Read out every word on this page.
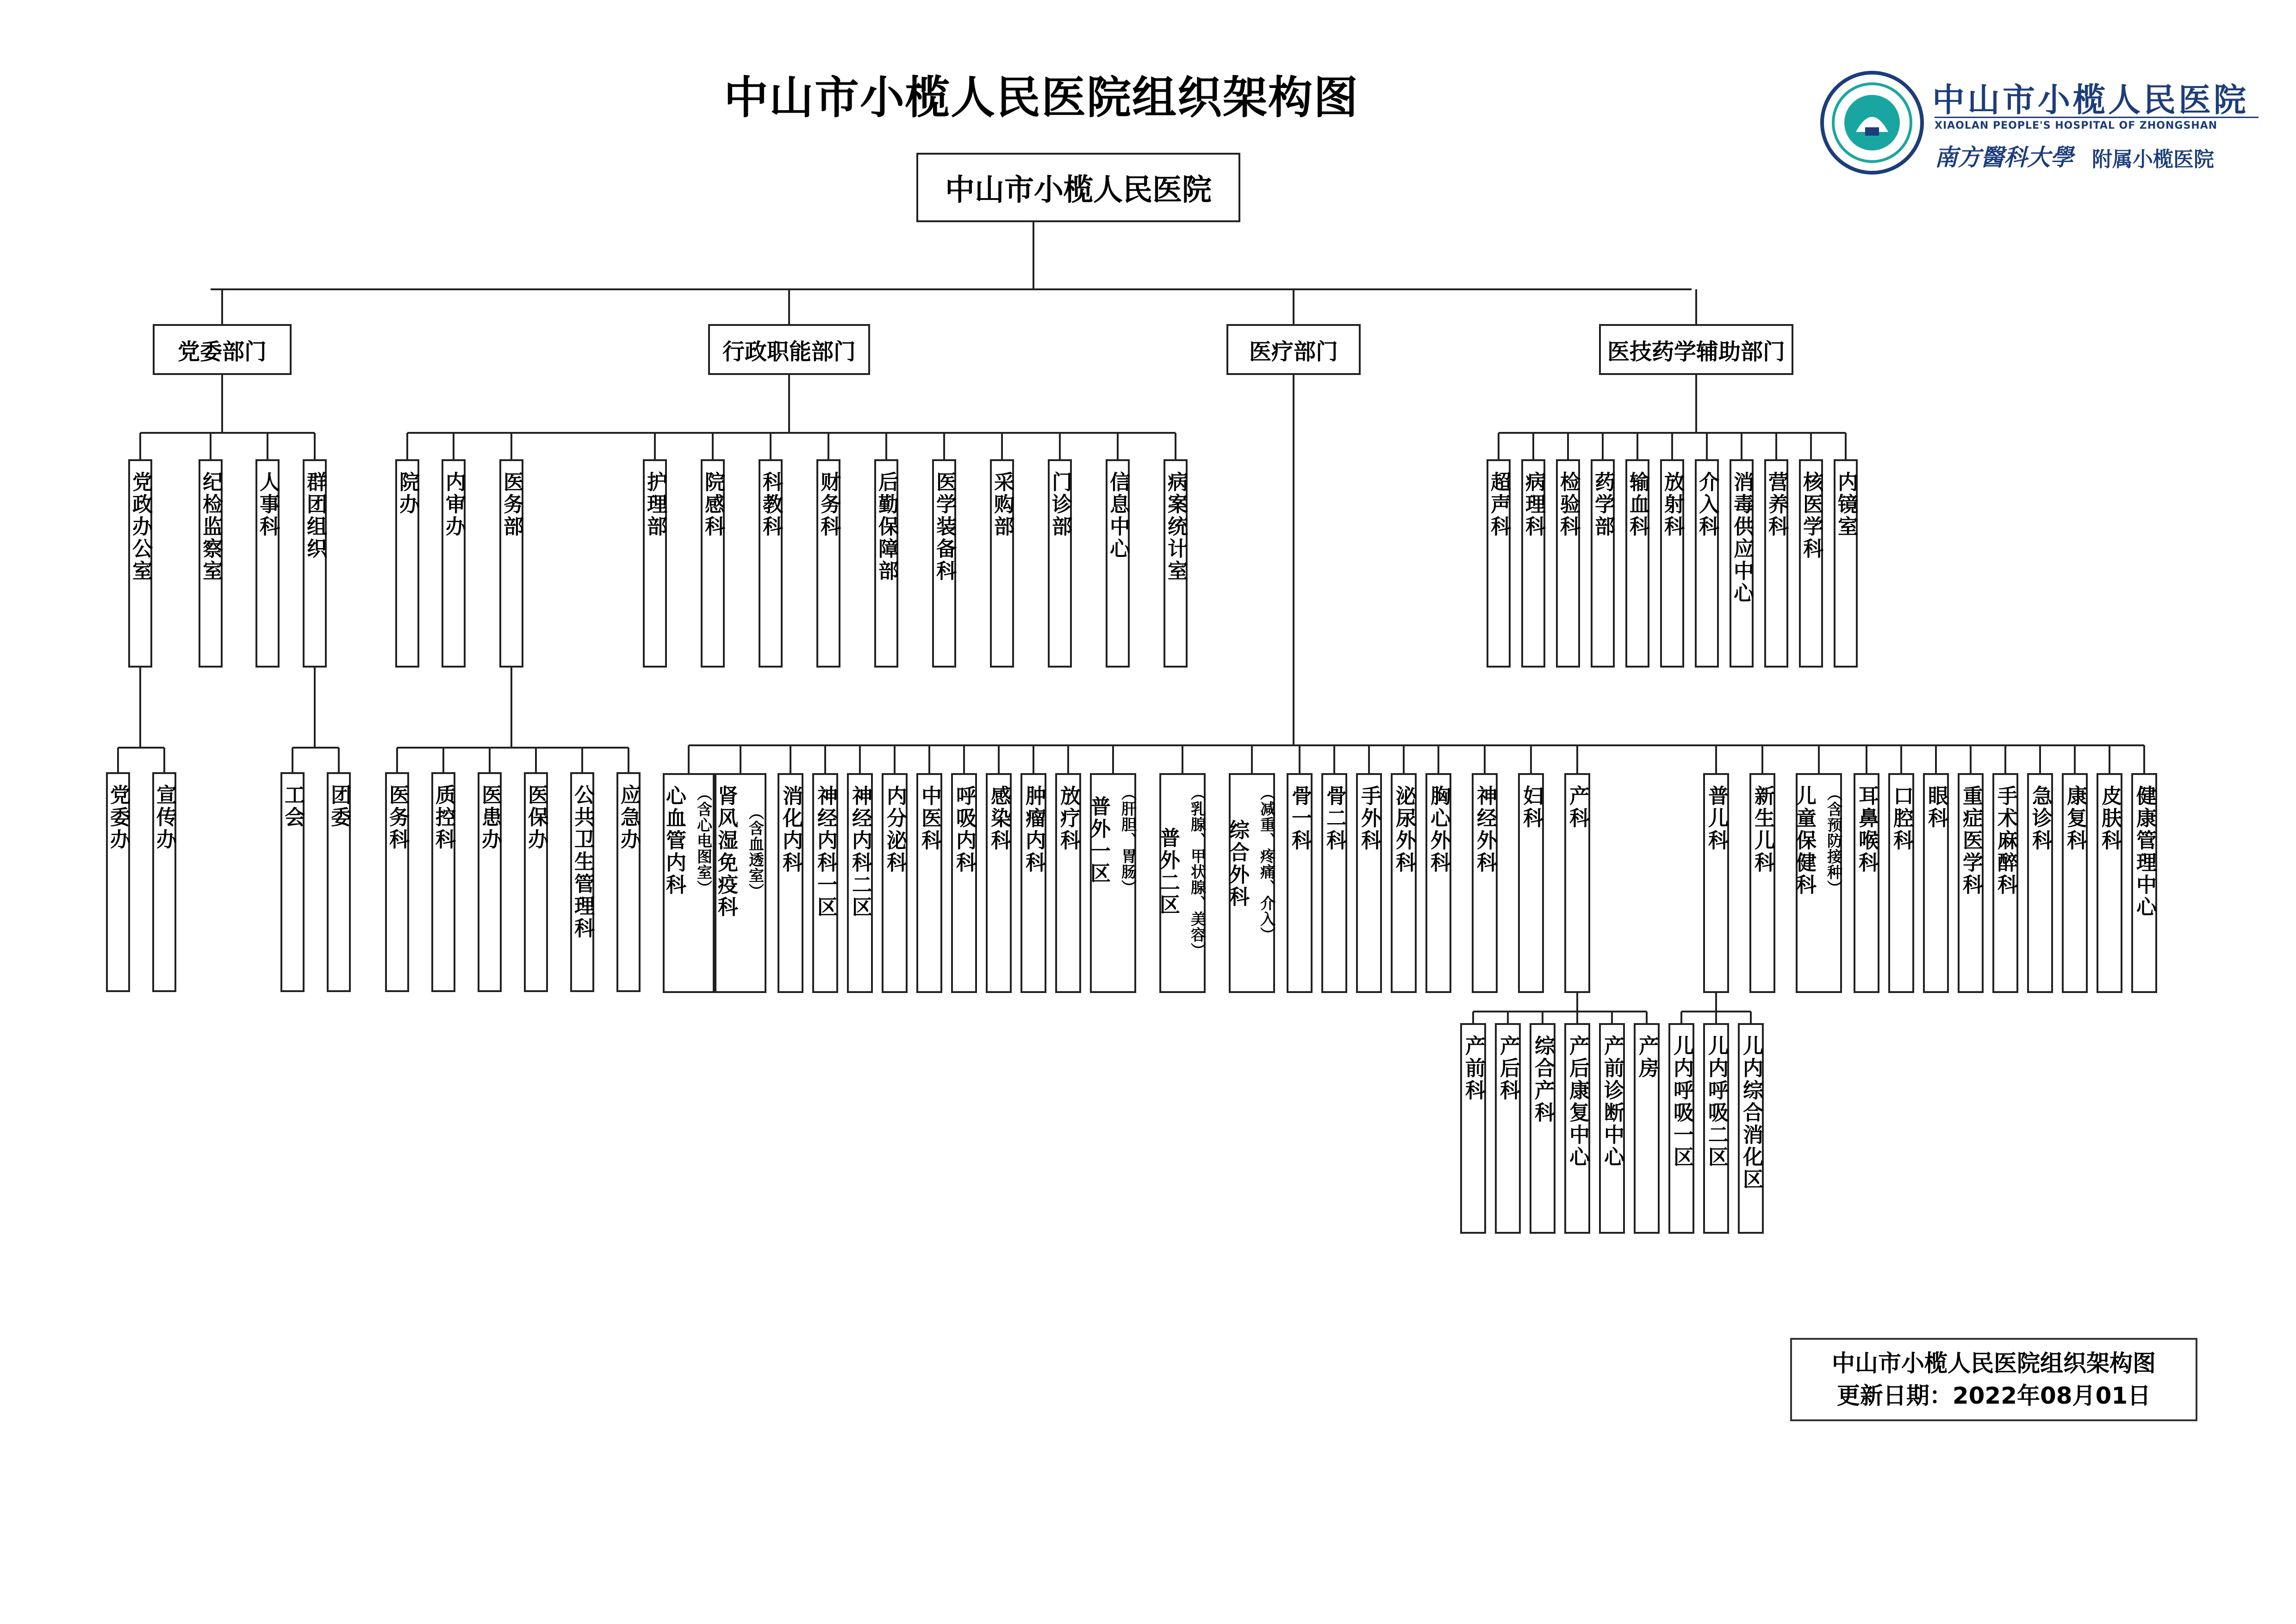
中山市小榄人民医院组织架构图	中山市小榄人民医院
XIAOLAN PEOPLE'S HOSPITAL OF ZHONGSHAN
南方醫科大學 附属小榄医院
中山市小榄人民医院
党委部门	行政职能部门	医疗部门	医技药学辅助部门
党政办公室 纪检监察室 人事科 群团组织
党委办 宣传办	工会 团委
院办 内审办 医务部	护理部 院感科 科教科 财务科 后勤保障部 医学装备科 采购部 门诊部 信息中心 病案统计室
医务科 质控科 医患办 医保办 公共卫生管理科 应急办
超声科 病理科 检验科 药学部 输血科 放射科 介入科 消毒供应中心 营养科 核医学科 内镜室
（含心电图室）
心血管内科	（含血透室）
肾风湿免疫科 消化内科 神经内科一区 神经内科二区 内分泌科 中医科 呼吸内科 感染科 肿瘤内科 放疗科	（肝胆、胃肠）
普外一区	（乳腺、甲状腺、美容）
普外二区	（减重、疼痛、介入）
综合外科
骨一科 骨二科 手外科 泌尿外科 胸心外科 神经外科 妇科 产科	普儿科 新生儿科	（含预防接种）
儿童保健科 耳鼻喉科 口腔科 眼科 重症医学科 手术麻醉科 急诊科 康复科 皮肤科 健康管理中心
产前科 产后科 综合产科 产后康复中心 产前诊断中心 产房 儿内呼吸一区 儿内呼吸二区 儿内综合消化区
中山市小榄人民医院组织架构图
更新日期：2022年08月01日
